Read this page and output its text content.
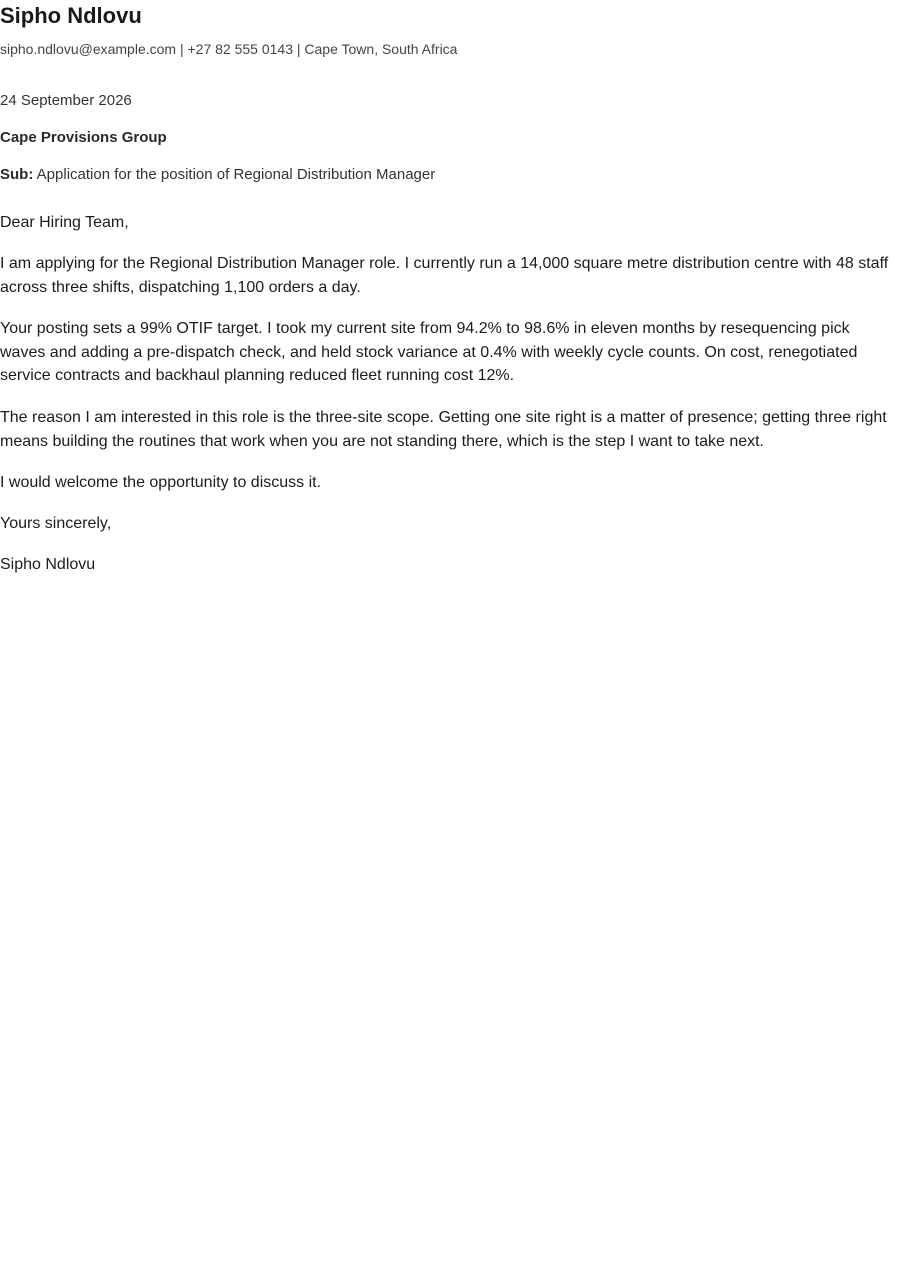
Sipho Ndlovu
sipho.ndlovu@example.com | +27 82 555 0143 | Cape Town, South Africa
24 September 2026
Cape Provisions Group
Sub: Application for the position of Regional Distribution Manager

Dear Hiring Team,

I am applying for the Regional Distribution Manager role. I currently run a 14,000 square metre distribution centre with 48 staff across three shifts, dispatching 1,100 orders a day.

Your posting sets a 99% OTIF target. I took my current site from 94.2% to 98.6% in eleven months by resequencing pick waves and adding a pre-dispatch check, and held stock variance at 0.4% with weekly cycle counts. On cost, renegotiated service contracts and backhaul planning reduced fleet running cost 12%.

The reason I am interested in this role is the three-site scope. Getting one site right is a matter of presence; getting three right means building the routines that work when you are not standing there, which is the step I want to take next.

I would welcome the opportunity to discuss it.

Yours sincerely,

Sipho Ndlovu
